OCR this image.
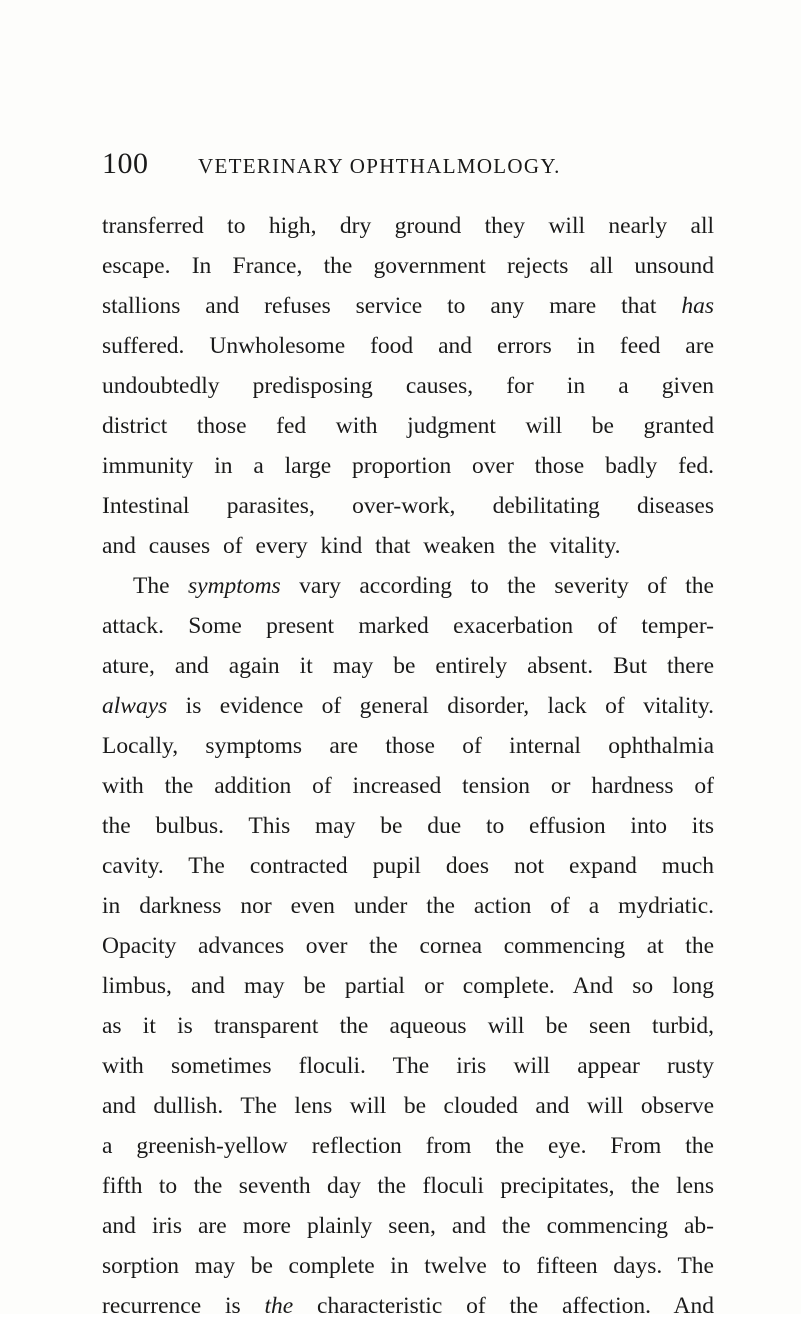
100 VETERINARY OPHTHALMOLOGY.
transferred to high, dry ground they will nearly all
escape. In France, the government rejects all unsound
stallions and refuses service to any mare that has
suffered. Unwholesome food and errors in feed are
undoubtedly predisposing causes, for in a given
district those fed with judgment will be granted
immunity in a large proportion over those badly fed.
Intestinal parasites, over-work, debilitating diseases
and causes of every kind that weaken the vitality.
The symptoms vary according to the severity of the
attack. Some present marked exacerbation of temper-
ature, and again it may be entirely absent. But there
always is evidence of general disorder, lack of vitality.
Locally, symptoms are those of internal ophthalmia
with the addition of increased tension or hardness of
the bulbus. This may be due to effusion into its
cavity. The contracted pupil does not expand much
in darkness nor even under the action of a mydriatic.
Opacity advances over the cornea commencing at the
limbus, and may be partial or complete. And so long
as it is transparent the aqueous will be seen turbid,
with sometimes floculi. The iris will appear rusty
and dullish. The lens will be clouded and will observe
a greenish-yellow reflection from the eye. From the
fifth to the seventh day the floculi precipitates, the lens
and iris are more plainly seen, and the commencing ab-
sorption may be complete in twelve to fifteen days. The
recurrence is the characteristic of the affection. And
